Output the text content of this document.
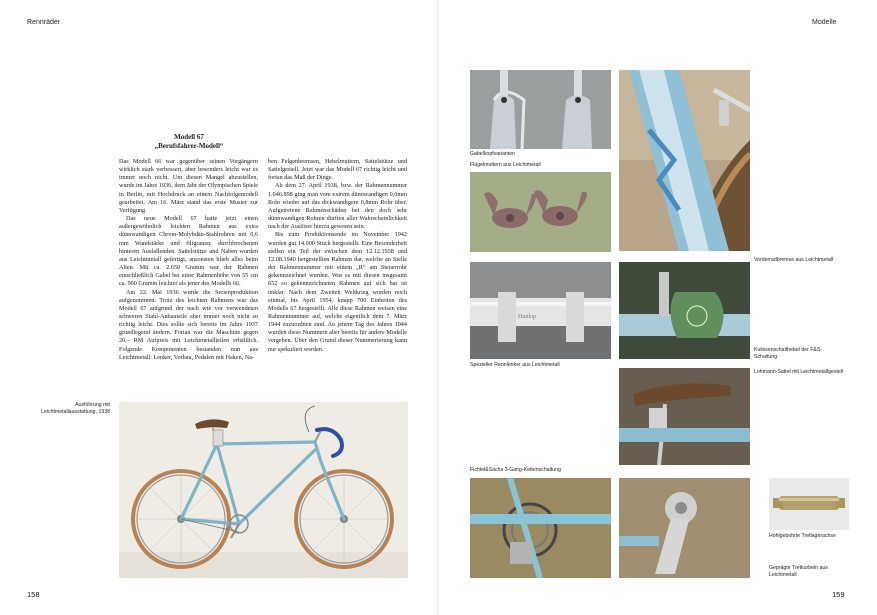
Rennräder
Modell 67
„Berufsfahrer-Modell“

Das Modell 66 war gegenüber seinen Vorgängern wirklich stark verbessert, aber besonders leicht war es immer noch nicht. Um diesen Mangel abzustellen, wurde im Jahre 1936, dem Jahr der Olympischen Spiele in Berlin, mit Hochdruck an einem Nachfolgemodell gearbeitet. Am 16. März stand das erste Muster zur Verfügung.

Das neue Modell 67 hatte jetzt einen außergewöhnlich leichten Rahmen aus extra dünnwandigen Chrom-Molybdän-Stahlrohren mit 0,6 mm Wandstärke und filigranen, durchbrochenen hinteren Ausfallenden. Sattelstütze und Naben wurden aus Leichtmetall gefertigt, ansonsten blieb alles beim Alten. Mit ca. 2.650 Gramm war der Rahmen einschließlich Gabel bei einer Rahmenhöhe von 55 cm ca. 900 Gramm leichter als jener des Modells 66.

Am 22. Mai 1936 wurde die Serienproduktion aufgenommen. Trotz des leichten Rahmens war das Modell 67 aufgrund der nach wie vor verwendeten schweren Stahl-Anbauteile aber immer noch nicht so richtig leicht. Dies sollte sich bereits im Jahre 1937 grundlegend ändern. Fortan war die Maschine gegen 20,– RM Aufpreis mit Leichtmetallteilen erhältlich. Folgende Komponenten bestanden nun aus Leichtmetall: Lenker, Vorbau, Pedalen mit Haken, Na-

ben Felgenbremsen, Hebelmuttern, Sattelstütze und Sattelgestell. Jetzt war das Modell 67 richtig leicht und fortan das Maß der Dinge.

Ab dem 27. April 1938, bzw. der Rahmennummer 1.046.898 ging man vom extrem dünnwandigen 0,6mm Rohr wieder auf das dickwandigere 0,8mm Rohr über. Aufgetretene Rahmenschäden bei den doch sehr dünnwandigen Rohren dürften aller Wahrscheinlichkeit nach der Auslöser hierzu gewesen sein.

Bis zum Produktionsende im November 1942 wurden gut 14.000 Stück hergestellt. Eine Besonderheit stellen ein Teil der zwischen dem 12.12.1938 und 12.08.1940 hergestellten Rahmen dar, welche an Stelle der Rahmennummer mit einem „R“ am Steuerrohr gekennzeichnet wurden. Was es mit diesen insgesamt 652 so gekennzeichneten Rahmen auf sich hat ist unklar. Nach dem Zweiten Weltkrieg wurden noch einmal, bis April 1954, knapp 700 Einheiten des Modells 67 hergestellt. Alle diese Rahmen weisen eine Rahmennummer auf, welche eigentlich dem 7. März 1944 zuzuordnen sind. An jenem Tag des Jahres 1944 wurden diese Nummern aber bereits für andere Modelle vergeben. Über den Grund dieser Nummerierung kann nur spekuliert werden.

Ausführung mit Leichtmetallausstattung, 1938
158
Modelle
Gabelkopfvarianten
Flügelmuttern aus Leichtmetall
Dunlop
Spezieller Rennlenker aus Leichtmetall
Vorderradbremse aus Leichtmetall
Kulissenschalthebel der F&S-Schaltung
Lohmann-Sattel mit Leichtmetallgestell
Fichtel&Sachs 3-Gang-Kettenschaltung
Hohlgebohrte Tretlagerachse
Geprägte Tretkurbeln aus Leichtmetall
159
